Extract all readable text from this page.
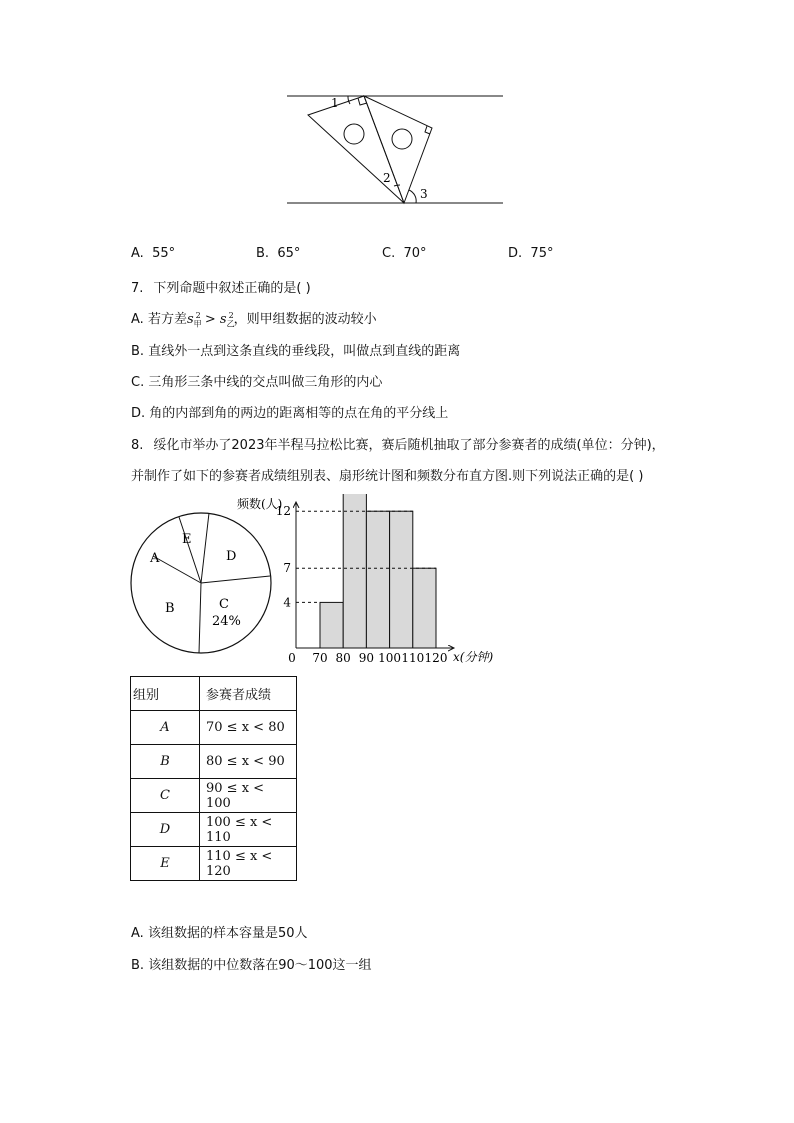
1
2
3
A. 55°	B. 65°	C. 70°	D. 75°
7. 下列命题中叙述正确的是( )
A. 若方差$s_甲^2 > s_乙^2$，则甲组数据的波动较小
B. 直线外一点到这条直线的垂线段，叫做点到直线的距离
C. 三角形三条中线的交点叫做三角形的内心
D. 角的内部到角的两边的距离相等的点在角的平分线上
8. 绥化市举办了2023年半程马拉松比赛，赛后随机抽取了部分参赛者的成绩(单位：分钟)，
并制作了如下的参赛者成绩组别表、扇形统计图和频数分布直方图.则下列说法正确的是( )
A
B	C
24%
D
E
频数(人)
x(分钟)
0 70 80 90 100 110 120
4
7
12
组别	参赛者成绩
A	70 ≤ x < 80
B	80 ≤ x < 90
C	90 ≤ x < 100
D	100 ≤ x < 110
E	110 ≤ x < 120
A. 该组数据的样本容量是50人
B. 该组数据的中位数落在90～100这一组
